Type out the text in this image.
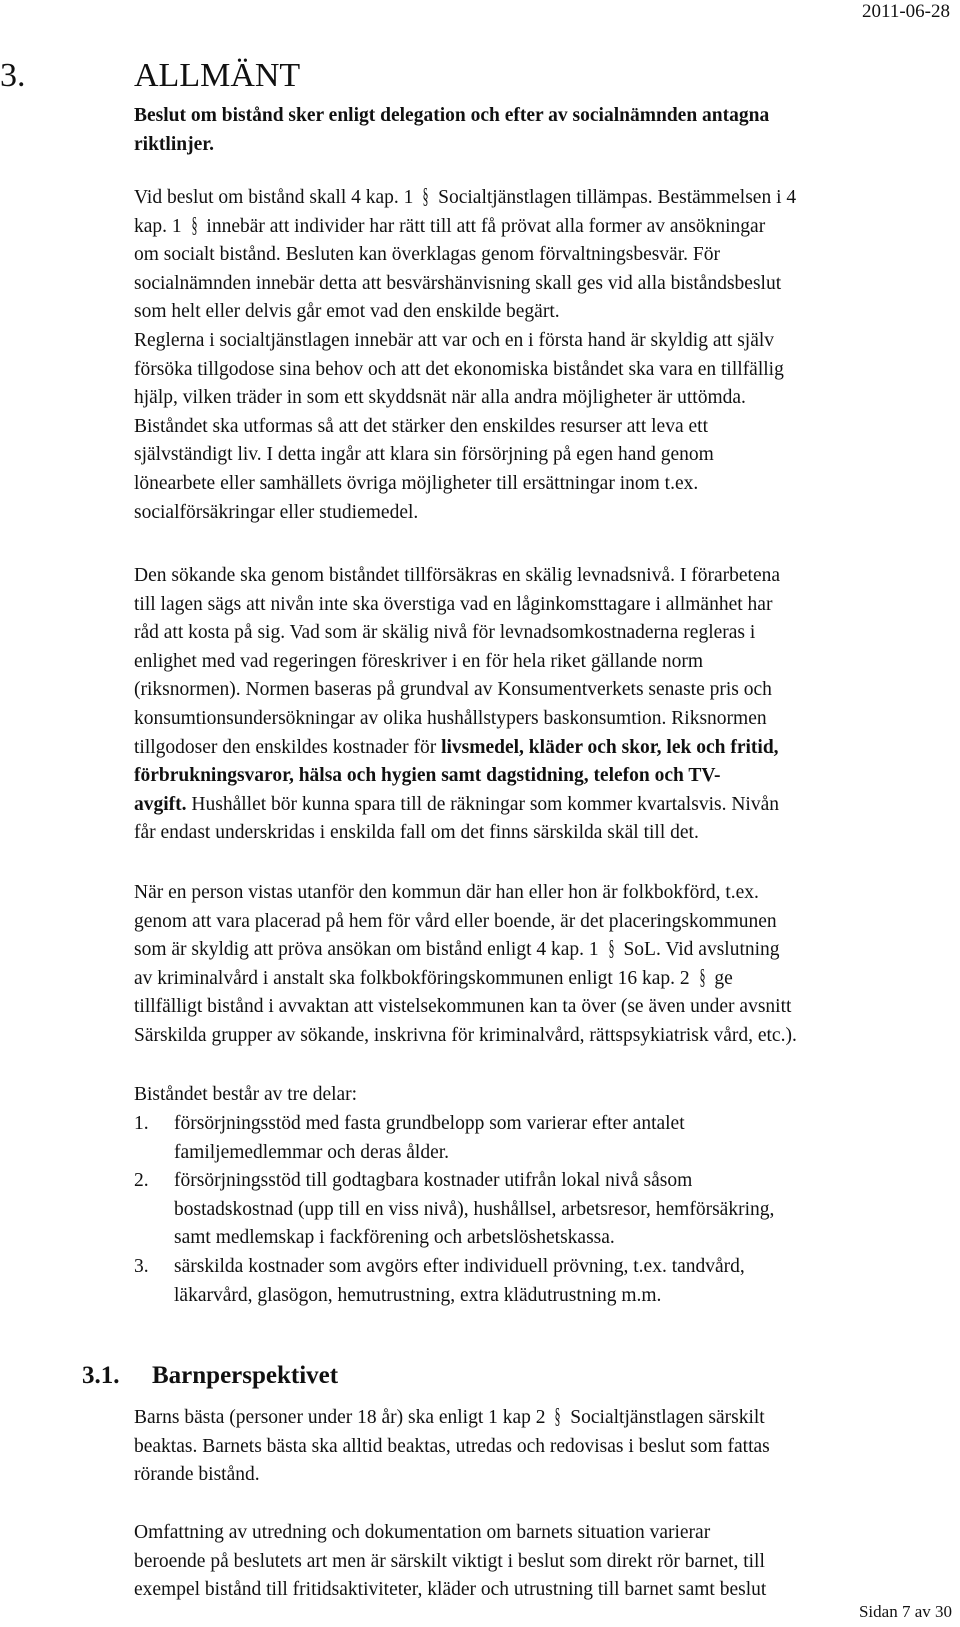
2011-06-28
3.	ALLMÄNT

Beslut om bistånd sker enligt delegation och efter av socialnämnden antagna

riktlinjer.

Vid beslut om bistånd skall 4 kap. 1 § Socialtjänstlagen tillämpas. Bestämmelsen i 4

kap. 1 § innebär att individer har rätt till att få prövat alla former av ansökningar

om socialt bistånd. Besluten kan överklagas genom förvaltningsbesvär. För

socialnämnden innebär detta att besvärshänvisning skall ges vid alla biståndsbeslut

som helt eller delvis går emot vad den enskilde begärt.

Reglerna i socialtjänstlagen innebär att var och en i första hand är skyldig att själv

försöka tillgodose sina behov och att det ekonomiska biståndet ska vara en tillfällig

hjälp, vilken träder in som ett skyddsnät när alla andra möjligheter är uttömda.

Biståndet ska utformas så att det stärker den enskildes resurser att leva ett

självständigt liv. I detta ingår att klara sin försörjning på egen hand genom

lönearbete eller samhällets övriga möjligheter till ersättningar inom t.ex.

socialförsäkringar eller studiemedel.

Den sökande ska genom biståndet tillförsäkras en skälig levnadsnivå. I förarbetena

till lagen sägs att nivån inte ska överstiga vad en låginkomsttagare i allmänhet har

råd att kosta på sig. Vad som är skälig nivå för levnadsomkostnaderna regleras i

enlighet med vad regeringen föreskriver i en för hela riket gällande norm

(riksnormen). Normen baseras på grundval av Konsumentverkets senaste pris och

konsumtionsundersökningar av olika hushållstypers baskonsumtion. Riksnormen

tillgodoser den enskildes kostnader för livsmedel, kläder och skor, lek och fritid,

förbrukningsvaror, hälsa och hygien samt dagstidning, telefon och TV-

avgift. Hushållet bör kunna spara till de räkningar som kommer kvartalsvis. Nivån

får endast underskridas i enskilda fall om det finns särskilda skäl till det.

När en person vistas utanför den kommun där han eller hon är folkbokförd, t.ex.

genom att vara placerad på hem för vård eller boende, är det placeringskommunen

som är skyldig att pröva ansökan om bistånd enligt 4 kap. 1 § SoL. Vid avslutning

av kriminalvård i anstalt ska folkbokföringskommunen enligt 16 kap. 2 § ge

tillfälligt bistånd i avvaktan att vistelsekommunen kan ta över (se även under avsnitt

Särskilda grupper av sökande, inskrivna för kriminalvård, rättspsykiatrisk vård, etc.).

Biståndet består av tre delar:

1. försörjningsstöd med fasta grundbelopp som varierar efter antalet
familjemedlemmar och deras ålder.
2. försörjningsstöd till godtagbara kostnader utifrån lokal nivå såsom
bostadskostnad (upp till en viss nivå), hushållsel, arbetsresor, hemförsäkring,
samt medlemskap i fackförening och arbetslöshetskassa.
3. särskilda kostnader som avgörs efter individuell prövning, t.ex. tandvård,
läkarvård, glasögon, hemutrustning, extra klädutrustning m.m.
3.1. Barnperspektivet

Barns bästa (personer under 18 år) ska enligt 1 kap 2 § Socialtjänstlagen särskilt

beaktas. Barnets bästa ska alltid beaktas, utredas och redovisas i beslut som fattas

rörande bistånd.

Omfattning av utredning och dokumentation om barnets situation varierar

beroende på beslutets art men är särskilt viktigt i beslut som direkt rör barnet, till

exempel bistånd till fritidsaktiviteter, kläder och utrustning till barnet samt beslut

Sidan 7 av 30
